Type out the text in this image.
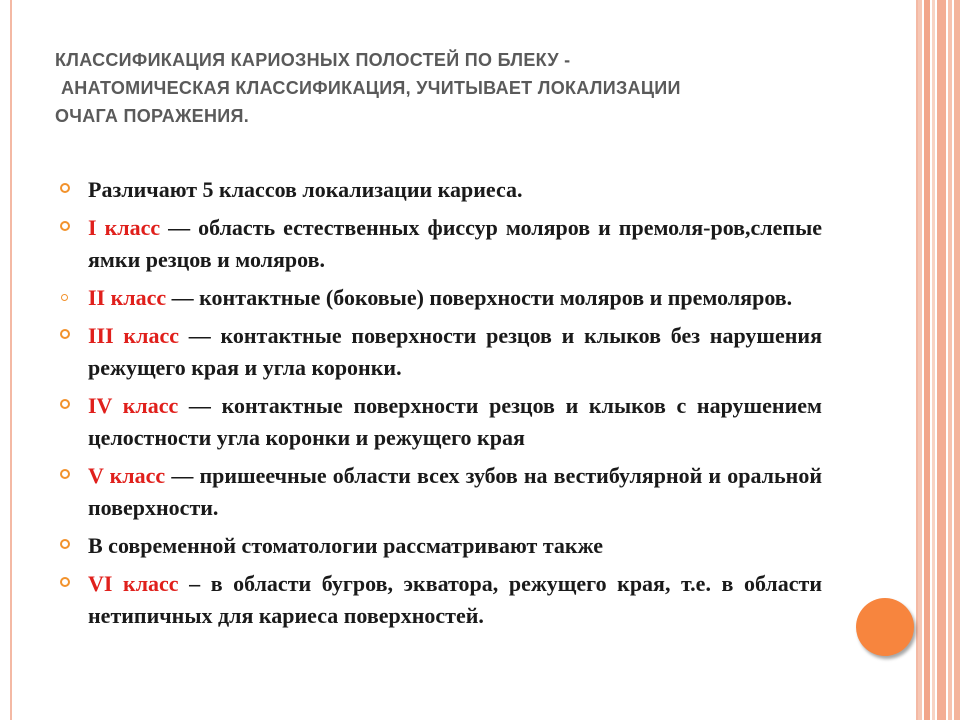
КЛАССИФИКАЦИЯ КАРИОЗНЫХ ПОЛОСТЕЙ ПО БЛЕКУ -
АНАТОМИЧЕСКАЯ КЛАССИФИКАЦИЯ, УЧИТЫВАЕТ ЛОКАЛИЗАЦИИ
ОЧАГА ПОРАЖЕНИЯ.
Различают 5 классов локализации кариеса.
I класс — область естественных фиссур моляров и премоля-ров,слепые ямки резцов и моляров.
II класс — контактные (боковые) поверхности моляров и премоляров.
III класс — контактные поверхности резцов и клыков без нарушения режущего края и угла коронки.
IV класс — контактные поверхности резцов и клыков с нарушением целостности угла коронки и режущего края
V класс — пришеечные области всех зубов на вестибулярной и оральной поверхности.
В современной стоматологии рассматривают также
VI класс – в области бугров, экватора, режущего края, т.е. в области нетипичных для кариеса поверхностей.
